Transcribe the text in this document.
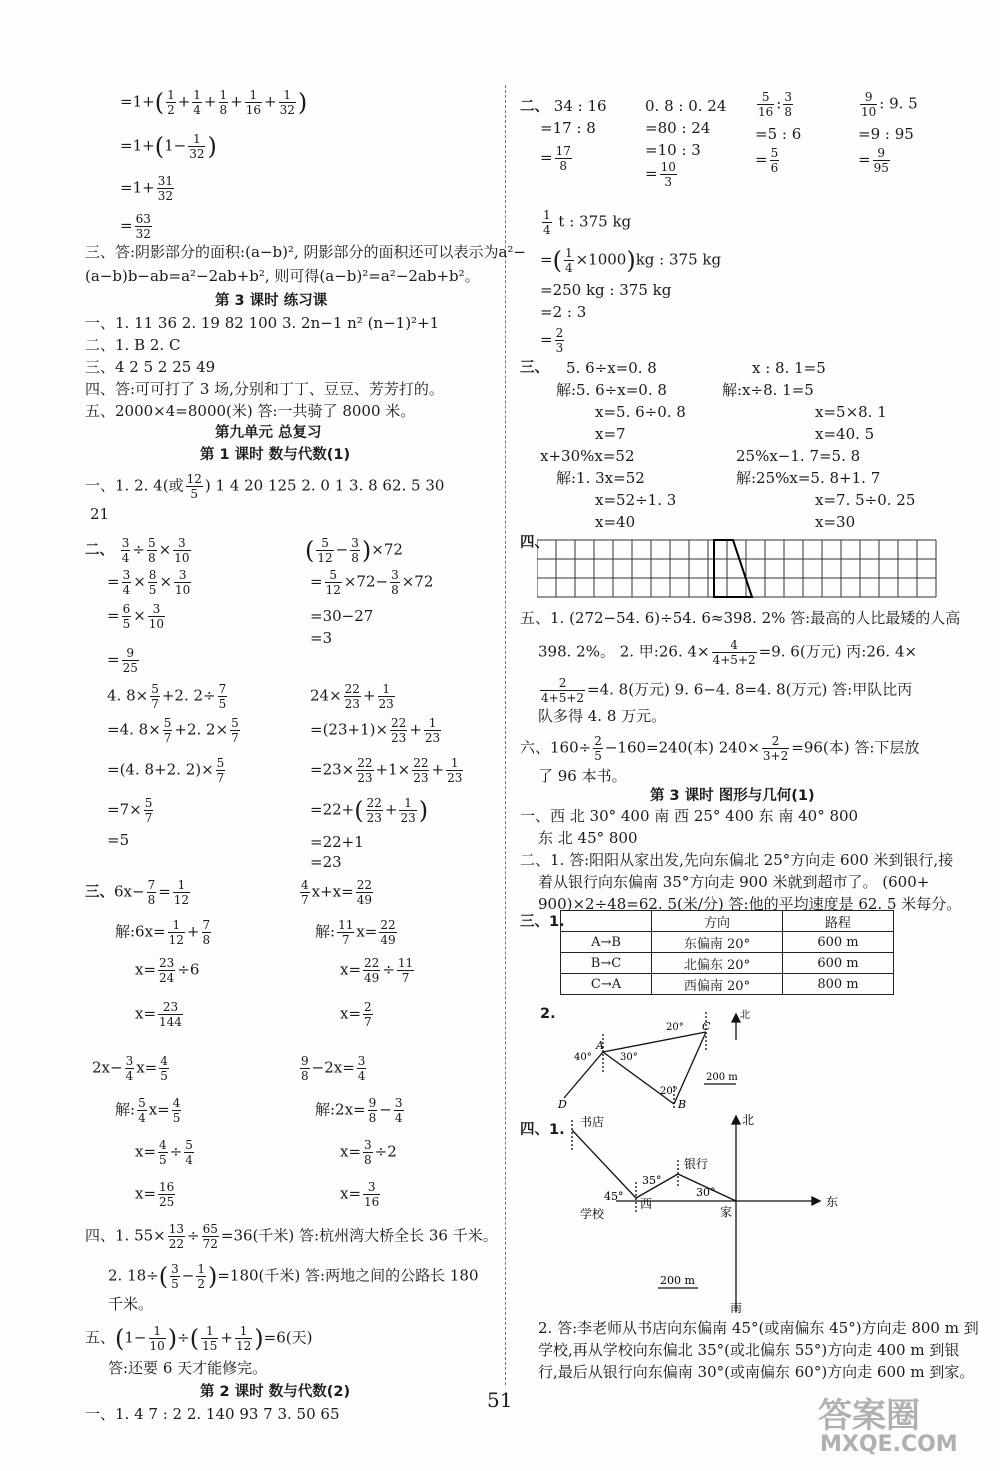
$=1+( \frac{1}{2} + \frac{1}{4} + \frac{1}{8} + \frac{1}{16} + \frac{1}{32}$ )
$=1+(1- \frac{1}{32}$ )
$=1+ \frac{31}{32}$
= $\frac{63}{32}$
三、答:阴影部分的面积:(a−b)², 阴影部分的面积还可以表示为a²−
(a−b)b−ab=a²−2ab+b², 则可得(a−b)²=a²−2ab+b²。
第 3 课时 练习课
一、1. 11 36 2. 19 82 100 3. 2n−1 n² (n−1)²+1
二、1. B 2. C
三、4 2 5 2 25 49
四、答:可可打了 3 场,分别和丁丁、豆豆、芳芳打的。
五、2000×4=8000(米) 答:一共骑了 8000 米。
第九单元 总复习
第 1 课时 数与代数(1)
一、1. 2. 4(或 $\frac{12}{5}$ ) 1 4 20 125 2. 0 1 3. 8 62. 5 30
21
二、 $\frac{3}{4} \div \frac{5}{8} \times \frac{3}{10}$
= $\frac{3}{4} \times \frac{8}{5} \times \frac{3}{10}$
= $\frac{6}{5} \times \frac{3}{10}$
= $\frac{9}{25}$
( $\frac{5}{12} - \frac{3}{8} )\times 72$
= $\frac{5}{12} \times 72- \frac{3}{8} \times 72$
=30−27
=3
4. $8\times \frac{5}{7} +2$. $2\div \frac{7}{5}$
=4. $8\times \frac{5}{7} +2$. $2\times \frac{5}{7}$
=(4. 8+2. $2)\times \frac{5}{7}$
$=7\times \frac{5}{7}$
=5
$24\times \frac{22}{23} + \frac{1}{23}$
$=(23+1)\times \frac{22}{23} + \frac{1}{23}$
$=23\times \frac{22}{23} +1\times \frac{22}{23} + \frac{1}{23}$
$=22+( \frac{22}{23} + \frac{1}{23}$ )
=22+1
=23
三、$6x- \frac{7}{8} = \frac{1}{12}$
解:6x= $\frac{1}{12} + \frac{7}{8}$
$x= \frac{23}{24} \div 6$
$x= \frac{23}{144}$
$2x- \frac{3}{4} x= \frac{4}{5}$
解: $\frac{5}{4} x= \frac{4}{5}$
$x= \frac{4}{5} \div \frac{5}{4}$
$x= \frac{16}{25}$
$\frac{4}{7} x+x= \frac{22}{49}$
解: $\frac{11}{7} x= \frac{22}{49}$
$x= \frac{22}{49} \div \frac{11}{7}$
$x= \frac{2}{7}$
$\frac{9}{8} -2x= \frac{3}{4}$
解:2x= $\frac{9}{8} - \frac{3}{4}$
$x= \frac{3}{8} \div 2$
$x= \frac{3}{16}$
四、1. $55\times \frac{13}{22} \div \frac{65}{72} =36$(千米) 答:杭州湾大桥全长 36 千米。
2. $18\div( \frac{3}{5} - \frac{1}{2} )=180$(千米) 答:两地之间的公路长 180
千米。
五、($1- \frac{1}{10}$ )÷( $\frac{1}{15} + \frac{1}{12} )=6$(天)
答:还要 6 天才能修完。
第 2 课时 数与代数(2)
一、1. 4 7 : 2 2. 140 93 7 3. 50 65
二、 34 : 16
=17 : 8
= $\frac{17}{8}$
0. 8 : 0. 24
=80 : 24
=10 : 3
= $\frac{10}{3}$
$\frac{5}{16}$ : $\frac{3}{8}$
=5 : 6
= $\frac{5}{6}$
$\frac{9}{10}$ : 9. 5
=9 : 95
= $\frac{9}{95}$
$\frac{1}{4}$ t : 375 kg
=( $\frac{1}{4} \times 1000)kg$ : 375 kg
=250 kg : 375 kg
=2 : 3
= $\frac{2}{3}$
三、 5. 6÷x=0. 8
解:5. 6÷x=0. 8
x=5. 6÷0. 8
x=7
x+30%x=52
解:1. 3x=52
x=52÷1. 3
x=40
x : 8. 1=5
解:x÷8. 1=5
x=5×8. 1
x=40. 5
25%x−1. 7=5. 8
解:25%x=5. 8+1. 7
x=7. 5÷0. 25
x=30
四、
五、1. (272−54. 6)÷54. 6≈398. 2% 答:最高的人比最矮的人高
398. 2%。 2. 甲:26. $4\times \frac{4}{4+5+2} =9$. 6(万元) 丙:26. 4×
$\frac{2}{4+5+2} =4$. 8(万元) 9. 6−4. 8=4. 8(万元) 答:甲队比丙
队多得 4. 8 万元。
六、$160\div \frac{2}{5} -160=240$(本) $240\times \frac{2}{3+2} =96$(本) 答:下层放
了 96 本书。
第 3 课时 图形与几何(1)
一、西 北 30° 400 南 西 25° 400 东 南 40° 800
东 北 45° 800
二、1. 答:阳阳从家出发,先向东偏北 25°方向走 600 米到银行,接
着从银行向东偏南 35°方向走 900 米就到超市了。 (600+
900)×2÷48=62. 5(米/分) 答:他的平均速度是 62. 5 米每分。
三、1.
		方向	路程
A→B	东偏南 20°	600 m
B→C	北偏东 20°	600 m
C→A	西偏南 20°	800 m
2.
A
B
C
D
北
20°
40°	30°
20°
200 m
四、1. 书店
银行
学校
西
家
东
北
南
45°
35°
30°
200 m
2. 答:李老师从书店向东偏南 45°(或南偏东 45°)方向走 800 m 到
学校,再从学校向东偏北 35°(或北偏东 55°)方向走 400 m 到银
行,最后从银行向东偏南 30°(或南偏东 60°)方向走 600 m 到家。
51	答案圈
MXQE.COM
